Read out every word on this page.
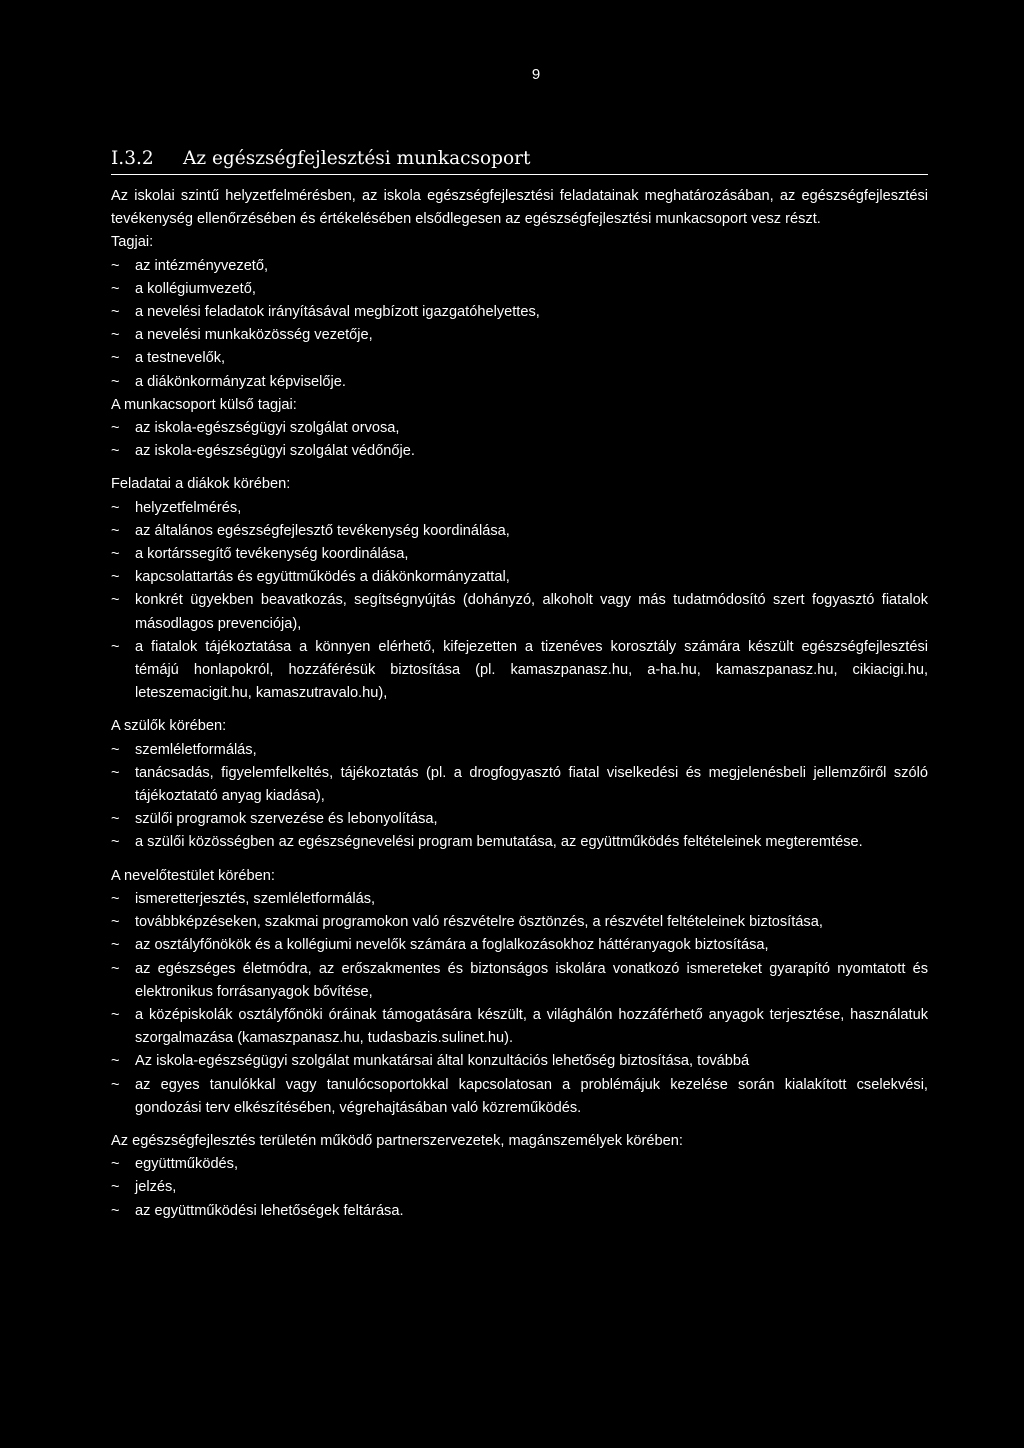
9
I.3.2	Az egészségfejlesztési munkacsoport

Az iskolai szintű helyzetfelmérésben, az iskola egészségfejlesztési feladatainak meghatározásában, az egészségfejlesztési tevékenység ellenőrzésében és értékelésében elsődlegesen az egészségfejlesztési munkacsoport vesz részt.

Tagjai:

~ az intézményvezető,
~ a kollégiumvezető,
~ a nevelési feladatok irányításával megbízott igazgatóhelyettes,
~ a nevelési munkaközösség vezetője,
~ a testnevelők,
~ a diákönkormányzat képviselője.

A munkacsoport külső tagjai:

~ az iskola-egészségügyi szolgálat orvosa,
~ az iskola-egészségügyi szolgálat védőnője.

Feladatai a diákok körében:

~ helyzetfelmérés,
~ az általános egészségfejlesztő tevékenység koordinálása,
~ a kortárssegítő tevékenység koordinálása,
~ kapcsolattartás és együttműködés a diákönkormányzattal,
~ konkrét ügyekben beavatkozás, segítségnyújtás (dohányzó, alkoholt vagy más tudatmódosító szert fogyasztó fiatalok másodlagos prevenciója),
~ a fiatalok tájékoztatása a könnyen elérhető, kifejezetten a tizenéves korosztály számára készült egészségfejlesztési témájú honlapokról, hozzáférésük biztosítása (pl. kamaszpanasz.hu, a-ha.hu, kamaszpanasz.hu, cikiacigi.hu, leteszemacigit.hu, kamaszutravalo.hu),

A szülők körében:

~ szemléletformálás,
~ tanácsadás, figyelemfelkeltés, tájékoztatás (pl. a drogfogyasztó fiatal viselkedési és megjelenésbeli jellemzőiről szóló tájékoztatató anyag kiadása),
~ szülői programok szervezése és lebonyolítása,
~ a szülői közösségben az egészségnevelési program bemutatása, az együttműködés feltételeinek megteremtése.

A nevelőtestület körében:

~ ismeretterjesztés, szemléletformálás,
~ továbbképzéseken, szakmai programokon való részvételre ösztönzés, a részvétel feltételeinek biztosítása,
~ az osztályfőnökök és a kollégiumi nevelők számára a foglalkozásokhoz háttéranyagok biztosítása,
~ az egészséges életmódra, az erőszakmentes és biztonságos iskolára vonatkozó ismereteket gyarapító nyomtatott és elektronikus forrásanyagok bővítése,
~ a középiskolák osztályfőnöki óráinak támogatására készült, a világhálón hozzáférhető anyagok terjesztése, használatuk szorgalmazása (kamaszpanasz.hu, tudasbazis.sulinet.hu).
~ Az iskola-egészségügyi szolgálat munkatársai által konzultációs lehetőség biztosítása, továbbá
~ az egyes tanulókkal vagy tanulócsoportokkal kapcsolatosan a problémájuk kezelése során kialakított cselekvési, gondozási terv elkészítésében, végrehajtásában való közreműködés.

Az egészségfejlesztés területén működő partnerszervezetek, magánszemélyek körében:

~ együttműködés,
~ jelzés,
~ az együttműködési lehetőségek feltárása.
